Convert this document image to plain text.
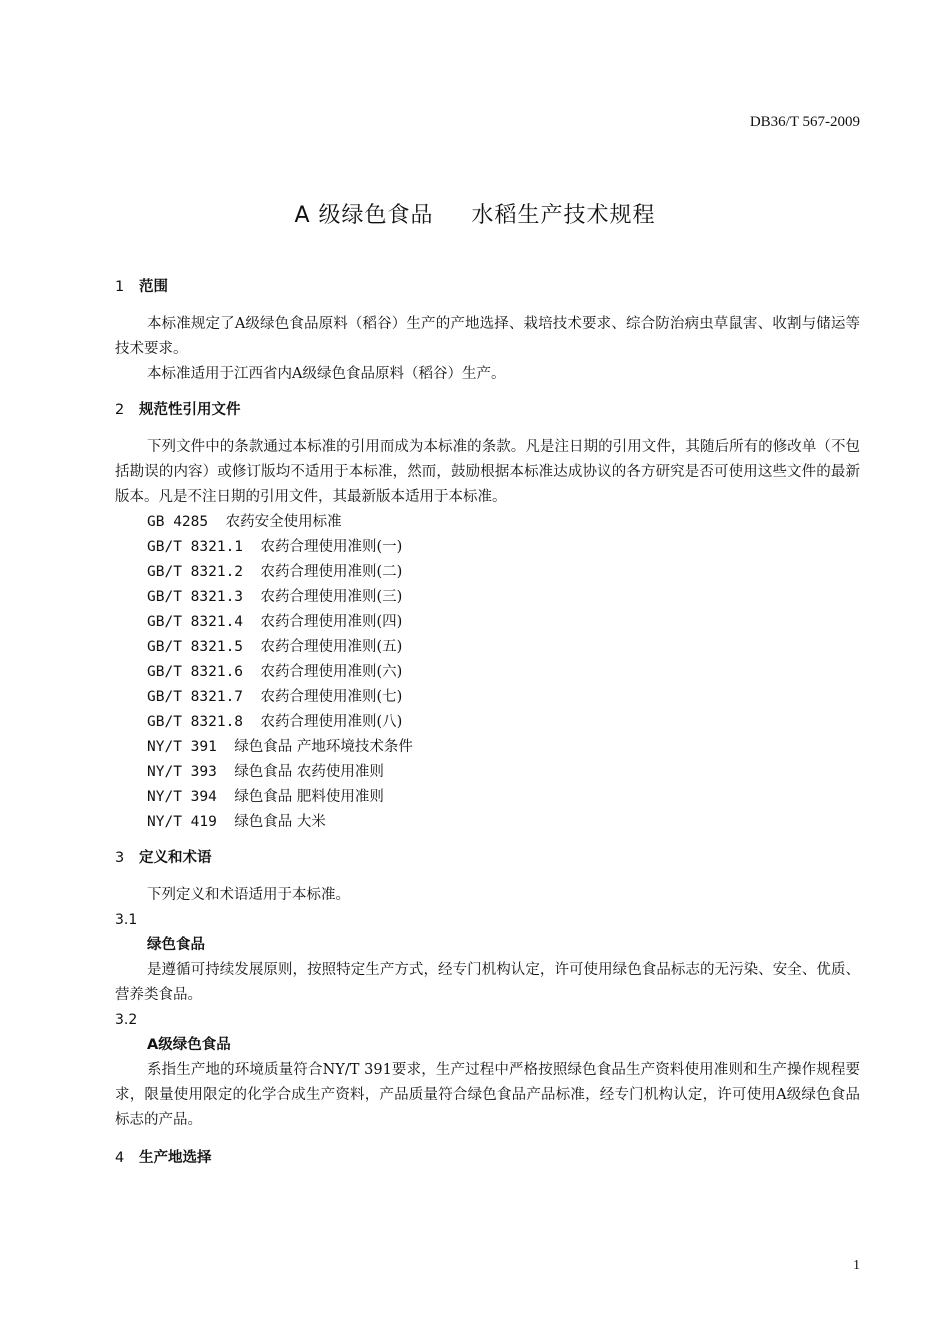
DB36/T 567-2009
A 级绿色食品 水稻生产技术规程
1 范围
本标准规定了A级绿色食品原料（稻谷）生产的产地选择、栽培技术要求、综合防治病虫草鼠害、收割与储运等技术要求。
本标准适用于江西省内A级绿色食品原料（稻谷）生产。
2 规范性引用文件
下列文件中的条款通过本标准的引用而成为本标准的条款。凡是注日期的引用文件，其随后所有的修改单（不包括勘误的内容）或修订版均不适用于本标准，然而，鼓励根据本标准达成协议的各方研究是否可使用这些文件的最新版本。凡是不注日期的引用文件，其最新版本适用于本标准。
GB 4285 农药安全使用标准
GB/T 8321.1 农药合理使用准则(一)
GB/T 8321.2 农药合理使用准则(二)
GB/T 8321.3 农药合理使用准则(三)
GB/T 8321.4 农药合理使用准则(四)
GB/T 8321.5 农药合理使用准则(五)
GB/T 8321.6 农药合理使用准则(六)
GB/T 8321.7 农药合理使用准则(七)
GB/T 8321.8 农药合理使用准则(八)
NY/T 391 绿色食品 产地环境技术条件
NY/T 393 绿色食品 农药使用准则
NY/T 394 绿色食品 肥料使用准则
NY/T 419 绿色食品 大米
3 定义和术语
下列定义和术语适用于本标准。
3.1
绿色食品
是遵循可持续发展原则，按照特定生产方式，经专门机构认定，许可使用绿色食品标志的无污染、安全、优质、营养类食品。
3.2
A级绿色食品
系指生产地的环境质量符合NY/T 391要求，生产过程中严格按照绿色食品生产资料使用准则和生产操作规程要求，限量使用限定的化学合成生产资料，产品质量符合绿色食品产品标准，经专门机构认定，许可使用A级绿色食品标志的产品。
4 生产地选择
1
